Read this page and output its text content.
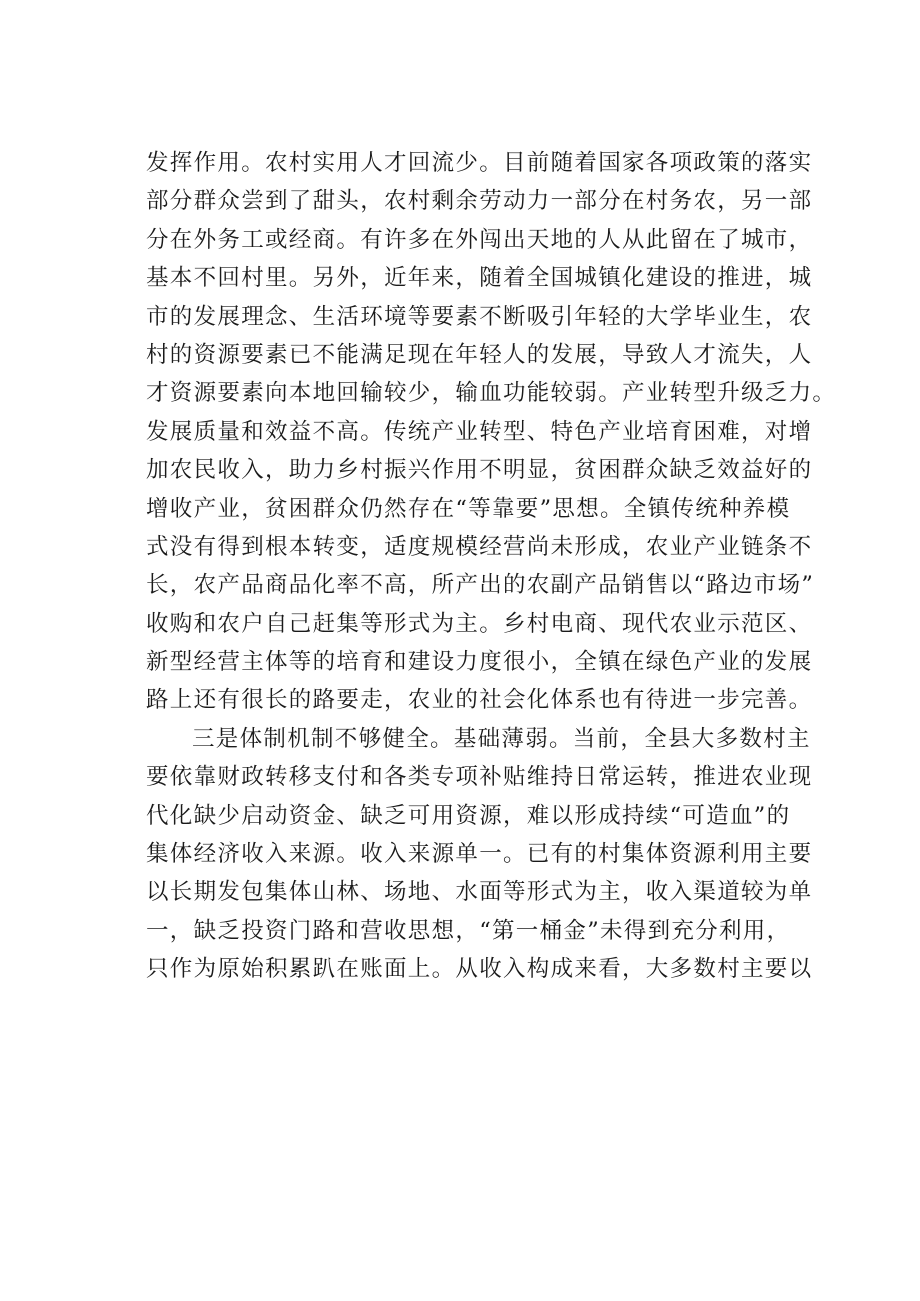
发挥作用。农村实用人才回流少。目前随着国家各项政策的落实
部分群众尝到了甜头，农村剩余劳动力一部分在村务农，另一部
分在外务工或经商。有许多在外闯出天地的人从此留在了城市，
基本不回村里。另外，近年来，随着全国城镇化建设的推进，城
市的发展理念、生活环境等要素不断吸引年轻的大学毕业生，农
村的资源要素已不能满足现在年轻人的发展，导致人才流失，人
才资源要素向本地回输较少，输血功能较弱。产业转型升级乏力。
发展质量和效益不高。传统产业转型、特色产业培育困难，对增
加农民收入，助力乡村振兴作用不明显，贫困群众缺乏效益好的
增收产业，贫困群众仍然存在“等靠要”思想。全镇传统种养模
式没有得到根本转变，适度规模经营尚未形成，农业产业链条不
长，农产品商品化率不高，所产出的农副产品销售以“路边市场”
收购和农户自己赶集等形式为主。乡村电商、现代农业示范区、
新型经营主体等的培育和建设力度很小，全镇在绿色产业的发展
路上还有很长的路要走，农业的社会化体系也有待进一步完善。
三是体制机制不够健全。基础薄弱。当前，全县大多数村主
要依靠财政转移支付和各类专项补贴维持日常运转，推进农业现
代化缺少启动资金、缺乏可用资源，难以形成持续“可造血”的
集体经济收入来源。收入来源单一。已有的村集体资源利用主要
以长期发包集体山林、场地、水面等形式为主，收入渠道较为单
一，缺乏投资门路和营收思想，“第一桶金”未得到充分利用，
只作为原始积累趴在账面上。从收入构成来看，大多数村主要以
